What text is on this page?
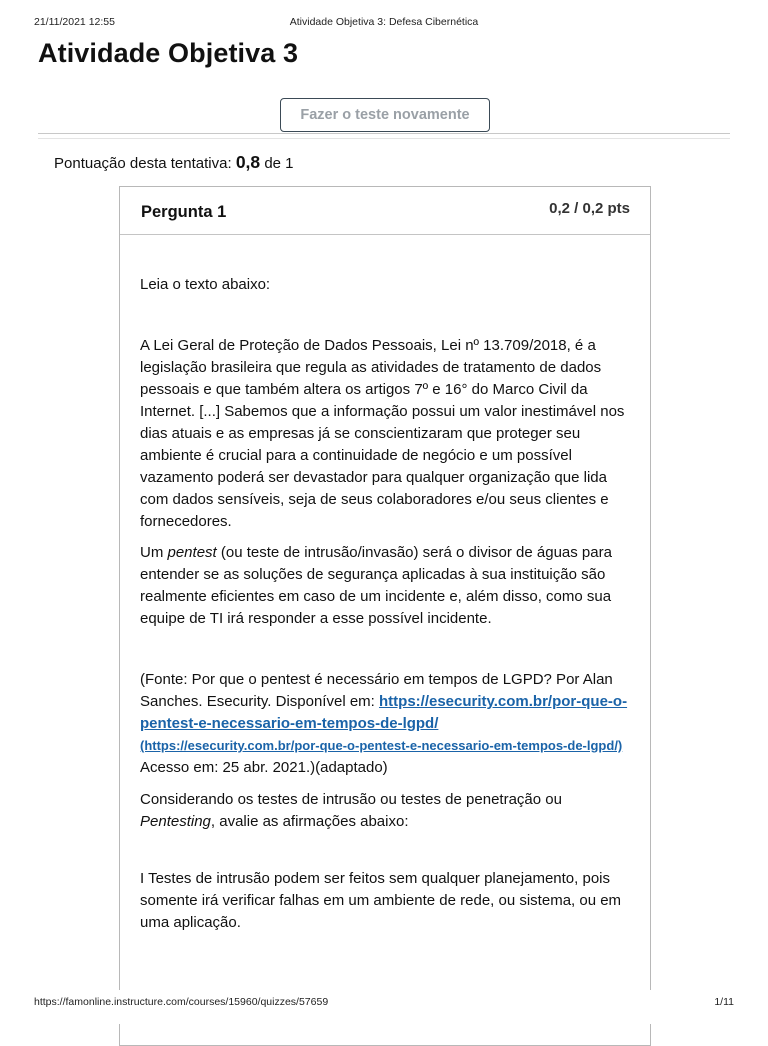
21/11/2021 12:55	Atividade Objetiva 3: Defesa Cibernética
Atividade Objetiva 3
Fazer o teste novamente
Pontuação desta tentativa: 0,8 de 1
Pergunta 1	0,2 / 0,2 pts

Leia o texto abaixo:

A Lei Geral de Proteção de Dados Pessoais, Lei nº 13.709/2018, é a legislação brasileira que regula as atividades de tratamento de dados pessoais e que também altera os artigos 7º e 16° do Marco Civil da Internet. [...] Sabemos que a informação possui um valor inestimável nos dias atuais e as empresas já se conscientizaram que proteger seu ambiente é crucial para a continuidade de negócio e um possível vazamento poderá ser devastador para qualquer organização que lida com dados sensíveis, seja de seus colaboradores e/ou seus clientes e fornecedores.

Um pentest (ou teste de intrusão/invasão) será o divisor de águas para entender se as soluções de segurança aplicadas à sua instituição são realmente eficientes em caso de um incidente e, além disso, como sua equipe de TI irá responder a esse possível incidente.

(Fonte: Por que o pentest é necessário em tempos de LGPD? Por Alan Sanches. Esecurity. Disponível em: https://esecurity.com.br/por-que-o-pentest-e-necessario-em-tempos-de-lgpd/
(https://esecurity.com.br/por-que-o-pentest-e-necessario-em-tempos-de-lgpd/) Acesso em: 25 abr. 2021.)(adaptado)

Considerando os testes de intrusão ou testes de penetração ou Pentesting, avalie as afirmações abaixo:

I Testes de intrusão podem ser feitos sem qualquer planejamento, pois somente irá verificar falhas em um ambiente de rede, ou sistema, ou em uma aplicação.

https://famonline.instructure.com/courses/15960/quizzes/57659	1/11
